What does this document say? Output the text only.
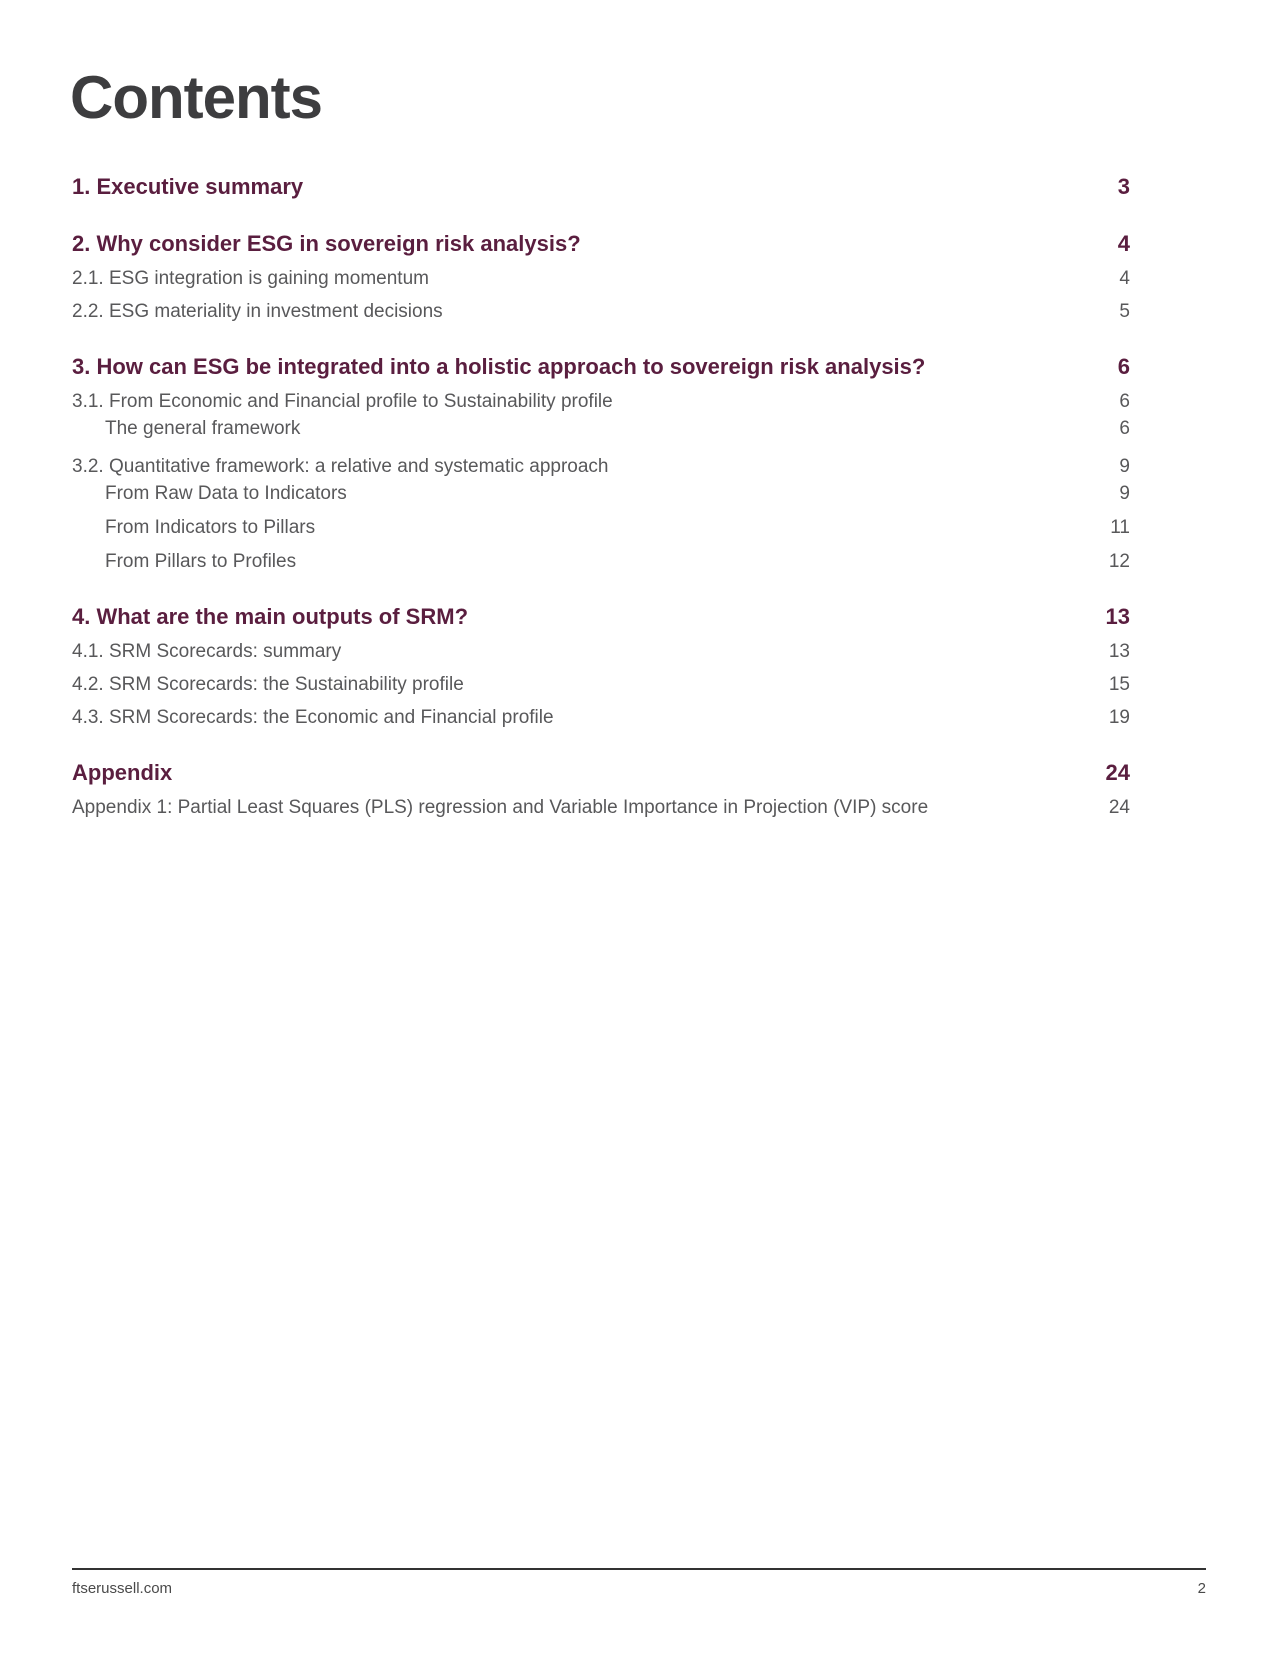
Contents
1. Executive summary	3
2. Why consider ESG in sovereign risk analysis?	4
2.1. ESG integration is gaining momentum	4
2.2. ESG materiality in investment decisions	5
3. How can ESG be integrated into a holistic approach to sovereign risk analysis?	6
3.1. From Economic and Financial profile to Sustainability profile	6
The general framework	6
3.2. Quantitative framework: a relative and systematic approach	9
From Raw Data to Indicators	9
From Indicators to Pillars	11
From Pillars to Profiles	12
4. What are the main outputs of SRM?	13
4.1. SRM Scorecards: summary	13
4.2. SRM Scorecards: the Sustainability profile	15
4.3. SRM Scorecards: the Economic and Financial profile	19
Appendix	24
Appendix 1: Partial Least Squares (PLS) regression and Variable Importance in Projection (VIP) score	24
ftserussell.com	2
